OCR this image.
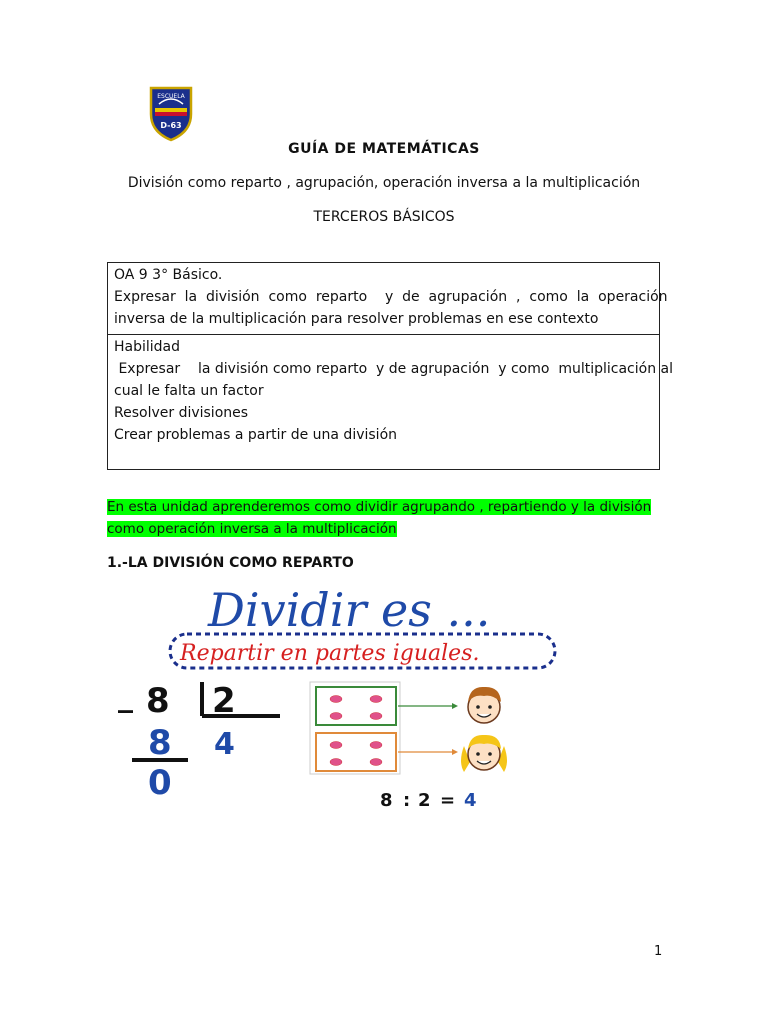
ESCUELA
D-63
GUÍA DE MATEMÁTICAS
División como reparto , agrupación, operación inversa a la multiplicación
TERCEROS BÁSICOS
OA 9 3° Básico.
Expresar  la  división  como  reparto    y  de  agrupación  ,  como  la  operación
inversa de la multiplicación para resolver problemas en ese contexto
Habilidad
Expresar    la división como reparto  y de agrupación  y como  multiplicación al
cual le falta un factor
Resolver divisiones
Crear problemas a partir de una división
En esta unidad aprenderemos como dividir agrupando , repartiendo y la división
como operación inversa a la multiplicación
1.-LA DIVISIÓN COMO REPARTO
Dividir es ...
Repartir en partes iguales.
_ 8 2
8 4
0	8 : 2 = 4
1
